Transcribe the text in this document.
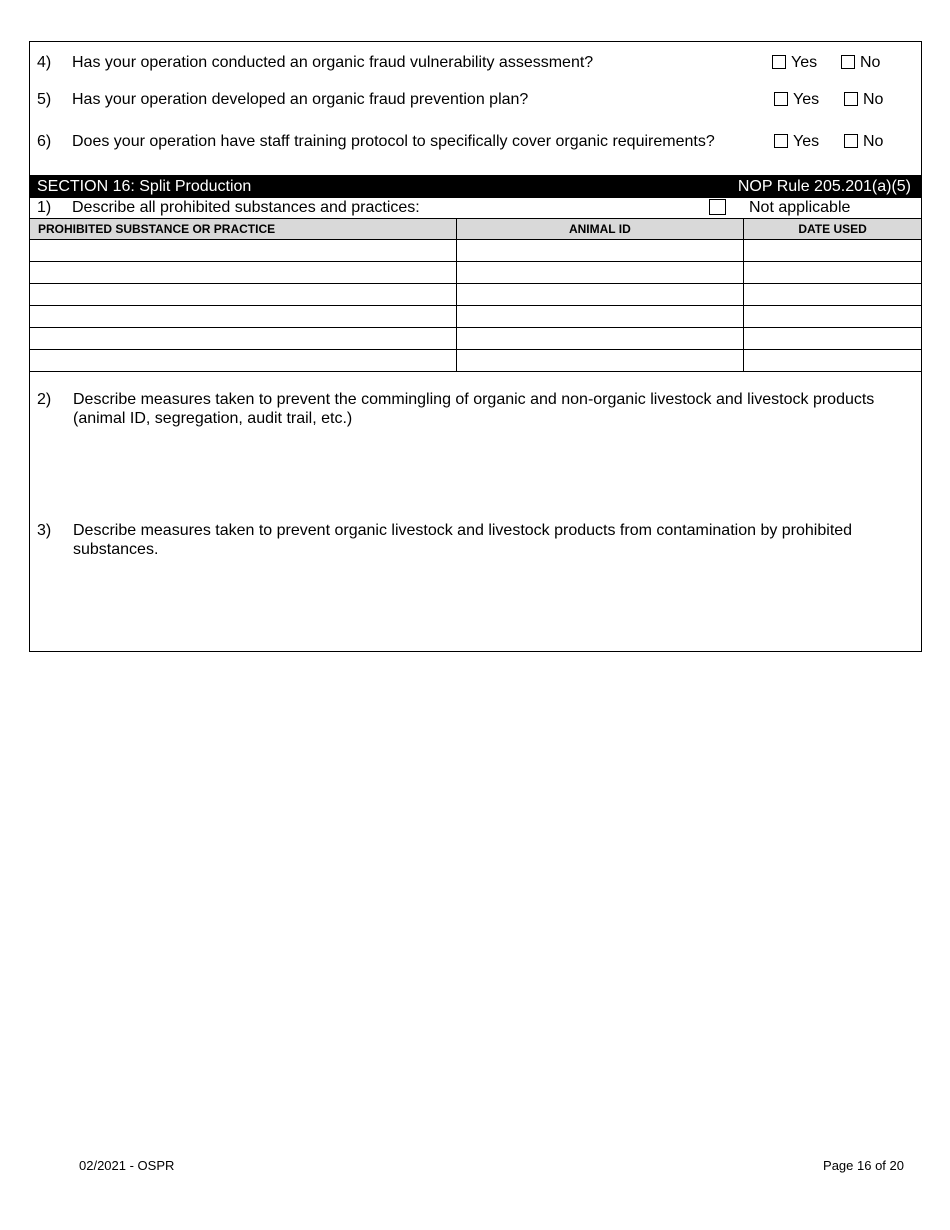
4) Has your operation conducted an organic fraud vulnerability assessment?	Yes	No
5) Has your operation developed an organic fraud prevention plan?	Yes	No
6) Does your operation have staff training protocol to specifically cover organic requirements?	Yes	No
SECTION 16: Split Production	NOP Rule 205.201(a)(5)
1) Describe all prohibited substances and practices:	Not applicable
PROHIBITED SUBSTANCE OR PRACTICE	ANIMAL ID	DATE USED

2) Describe measures taken to prevent the commingling of organic and non-organic livestock and livestock products (animal ID, segregation, audit trail, etc.)
3) Describe measures taken to prevent organic livestock and livestock products from contamination by prohibited substances.
02/2021 - OSPR	Page 16 of 20
